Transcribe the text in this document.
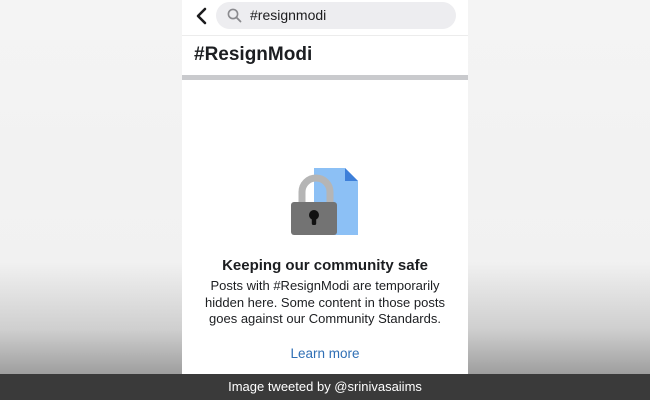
#resignmodi
#ResignModi
Keeping our community safe
Posts with #ResignModi are temporarily hidden here. Some content in those posts goes against our Community Standards.
Learn more
Image tweeted by @srinivasaiims
